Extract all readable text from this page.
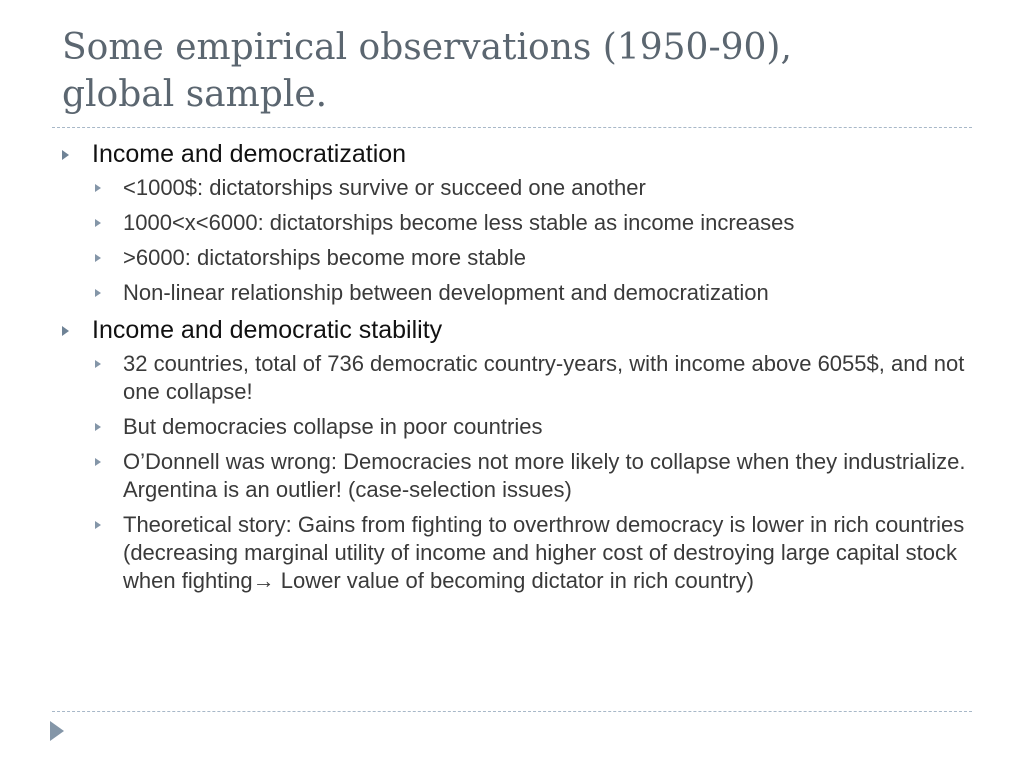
Some empirical observations (1950-90),
global sample.
Income and democratization
<1000$: dictatorships survive or succeed one another
1000<x<6000: dictatorships become less stable as income increases
>6000: dictatorships become more stable
Non-linear relationship between development and democratization
Income and democratic stability
32 countries, total of 736 democratic country-years, with income above 6055$, and not one collapse!
But democracies collapse in poor countries
O’Donnell was wrong: Democracies not more likely to collapse when they industrialize. Argentina is an outlier! (case-selection issues)
Theoretical story: Gains from fighting to overthrow democracy is lower in rich countries (decreasing marginal utility of income and higher cost of destroying large capital stock when fighting→ Lower value of becoming dictator in rich country)
